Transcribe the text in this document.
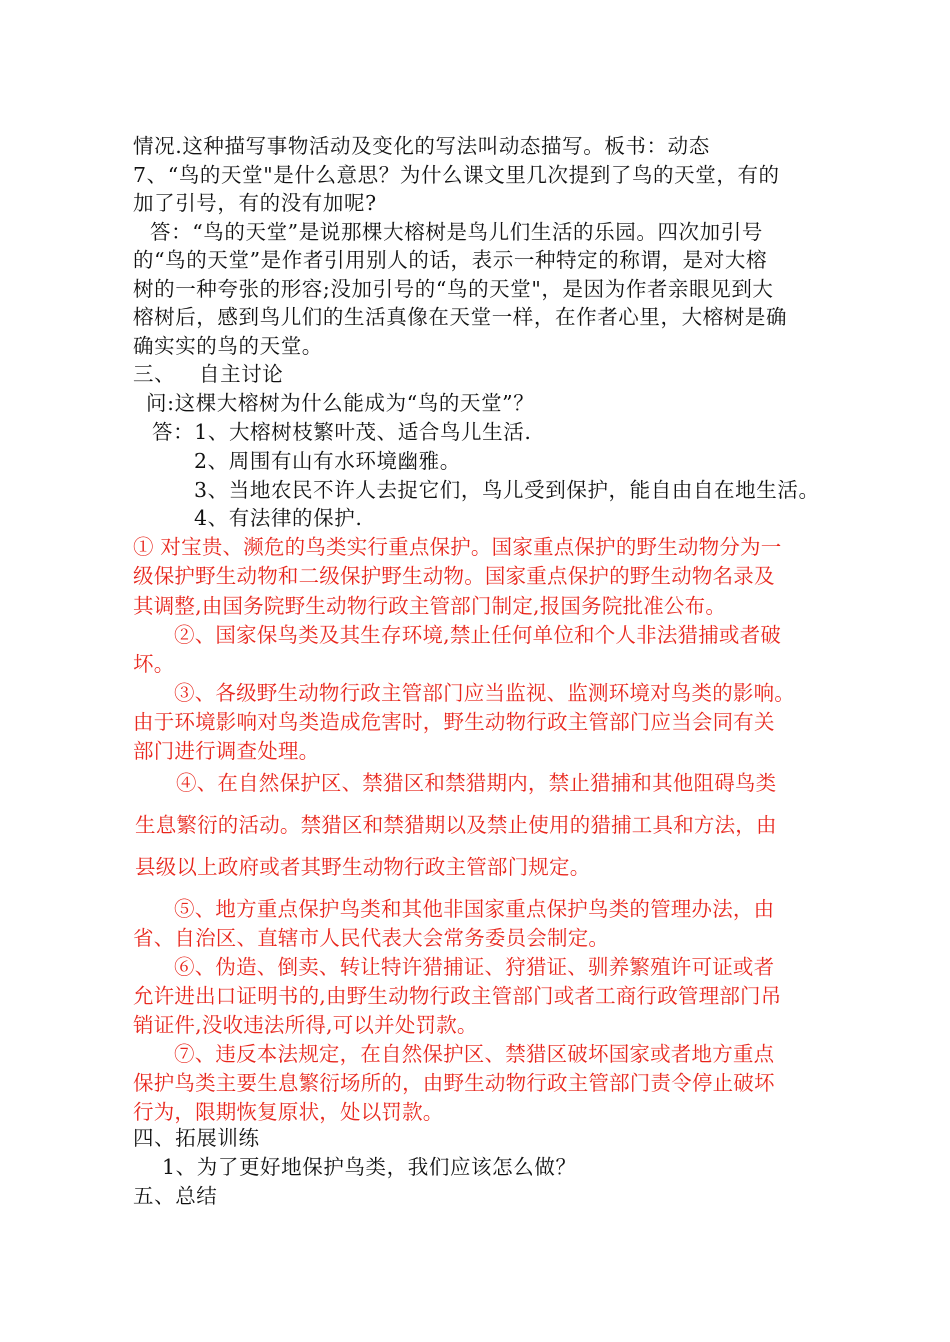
情况.这种描写事物活动及变化的写法叫动态描写。板书：动态
7、“鸟的天堂"是什么意思？为什么课文里几次提到了鸟的天堂，有的
加了引号，有的没有加呢?
答：“鸟的天堂”是说那棵大榕树是鸟儿们生活的乐园。四次加引号
的“鸟的天堂”是作者引用别人的话，表示一种特定的称谓，是对大榕
树的一种夸张的形容;没加引号的“鸟的天堂"，是因为作者亲眼见到大
榕树后，感到鸟儿们的生活真像在天堂一样，在作者心里，大榕树是确
确实实的鸟的天堂。
三、 自主讨论
问:这棵大榕树为什么能成为“鸟的天堂”？
答：1、大榕树枝繁叶茂、适合鸟儿生活.
2、周围有山有水环境幽雅。
3、当地农民不许人去捉它们，鸟儿受到保护，能自由自在地生活。
4、有法律的保护.
① 对宝贵、濒危的鸟类实行重点保护。国家重点保护的野生动物分为一
级保护野生动物和二级保护野生动物。国家重点保护的野生动物名录及
其调整,由国务院野生动物行政主管部门制定,报国务院批准公布。
②、国家保鸟类及其生存环境,禁止任何单位和个人非法猎捕或者破
坏。
③、各级野生动物行政主管部门应当监视、监测环境对鸟类的影响。
由于环境影响对鸟类造成危害时，野生动物行政主管部门应当会同有关
部门进行调查处理。
④、在自然保护区、禁猎区和禁猎期内，禁止猎捕和其他阻碍鸟类
生息繁衍的活动。禁猎区和禁猎期以及禁止使用的猎捕工具和方法，由
县级以上政府或者其野生动物行政主管部门规定。
⑤、地方重点保护鸟类和其他非国家重点保护鸟类的管理办法，由
省、自治区、直辖市人民代表大会常务委员会制定。
⑥、伪造、倒卖、转让特许猎捕证、狩猎证、驯养繁殖许可证或者
允许进出口证明书的,由野生动物行政主管部门或者工商行政管理部门吊
销证件,没收违法所得,可以并处罚款。
⑦、违反本法规定，在自然保护区、禁猎区破坏国家或者地方重点
保护鸟类主要生息繁衍场所的，由野生动物行政主管部门责令停止破坏
行为，限期恢复原状，处以罚款。
四、拓展训练
1、为了更好地保护鸟类，我们应该怎么做？
五、总结
